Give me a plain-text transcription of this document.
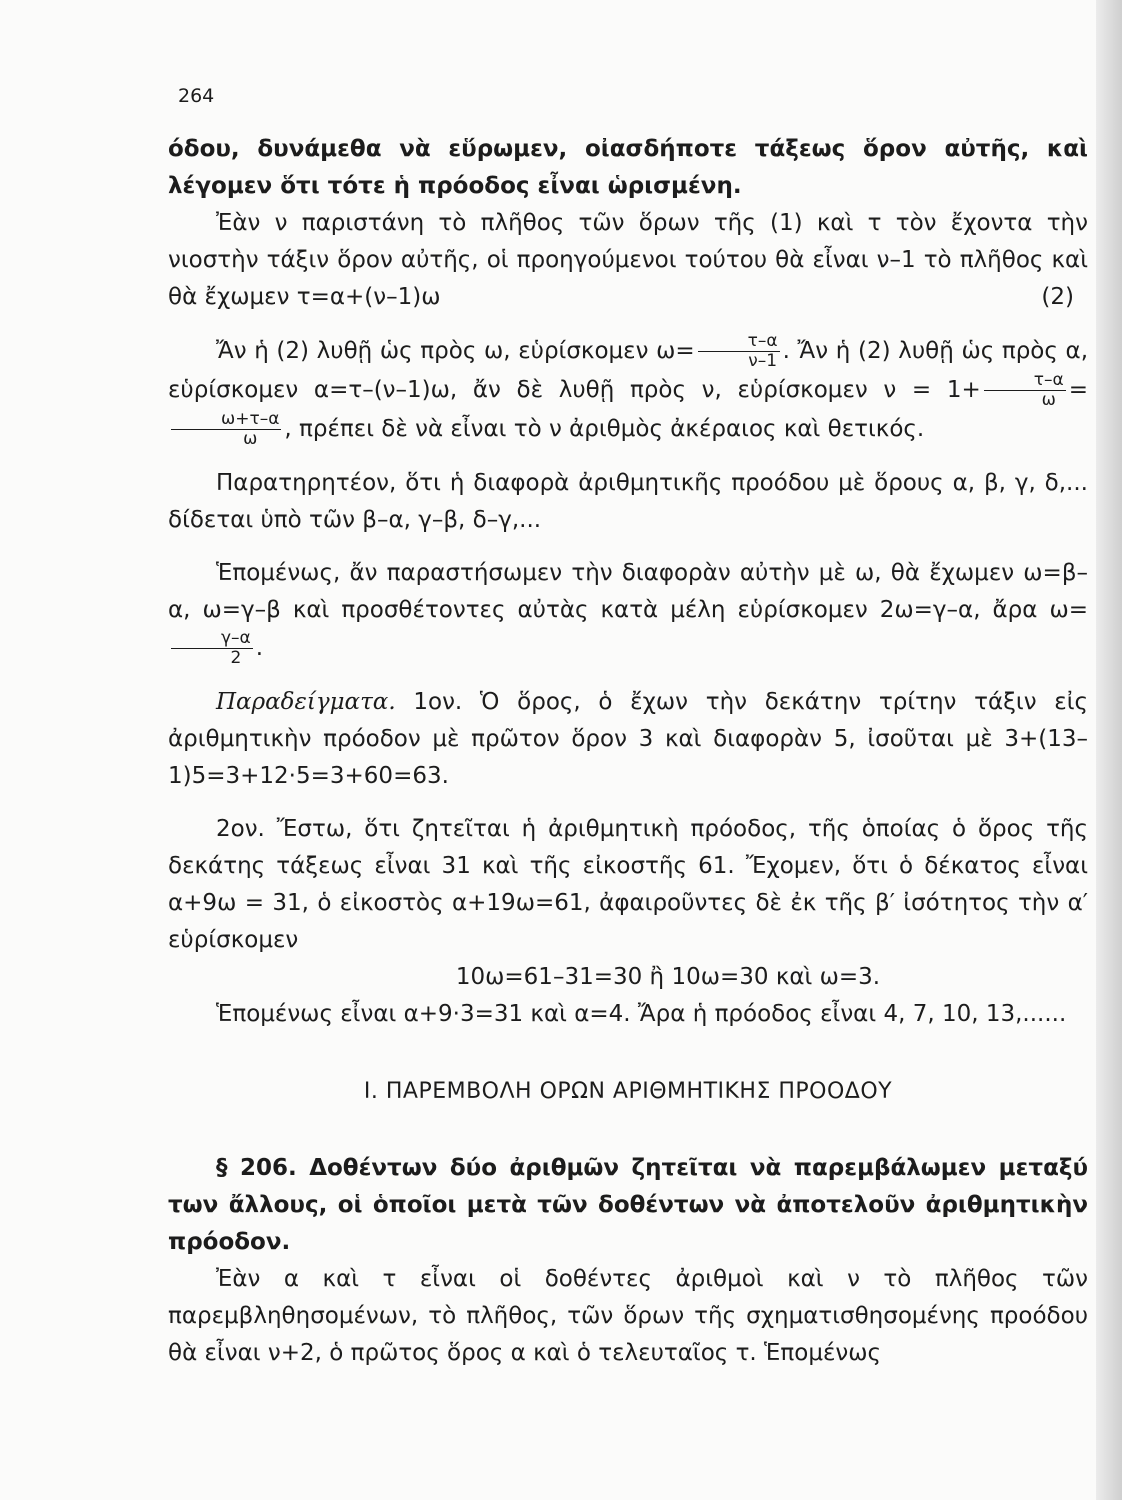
264

όδου, δυνάμεθα νὰ εὕρωμεν, οἰασδήποτε τάξεως ὅρον αὐτῆς, καὶ λέγομεν ὅτι τότε ἡ πρόοδος εἶναι ὡρισμένη.

Ἐὰν ν παριστάνη τὸ πλῆθος τῶν ὅρων τῆς (1) καὶ τ τὸν ἔχοντα τὴν νιοστὴν τάξιν ὅρον αὐτῆς, οἱ προηγούμενοι τούτου θὰ εἶναι ν–1 τὸ πλῆθος καὶ θὰ ἔχωμεν τ=α+(ν–1)ω	(2)

Ἄν ἡ (2) λυθῇ ὡς πρὸς ω, εὑρίσκομεν $\omega= \frac{\tau-\alpha}{\nu-1}$ . Ἄν ἡ (2) λυθῇ ὡς πρὸς α, εὑρίσκομεν α=τ–(ν–1)ω, ἄν δὲ λυθῇ πρὸς ν, εὑρίσκομεν $\nu = 1+ \frac{\tau-\alpha}{\omega}$ =
$\frac{\omega+\tau-\alpha}{\omega}$ , πρέπει δὲ νὰ εἶναι τὸ ν ἀριθμὸς ἀκέραιος καὶ θετικός.

Παρατηρητέον, ὅτι ἡ διαφορὰ ἀριθμητικῆς προόδου μὲ ὅρους α, β, γ, δ,... δίδεται ὑπὸ τῶν β–α, γ–β, δ–γ,...

Ἑπομένως, ἄν παραστήσωμεν τὴν διαφορὰν αὐτὴν μὲ ω, θὰ ἔχωμεν ω=β–α, ω=γ–β καὶ προσθέτοντες αὐτὰς κατὰ μέλη εὑρίσκομεν 2ω=γ–α, ἄρα ω=
$\frac{\gamma-\alpha}{2}$ .

Παραδείγματα. 1ον. Ὁ ὅρος, ὁ ἔχων τὴν δεκάτην τρίτην τάξιν εἰς ἀριθμητικὴν πρόοδον μὲ πρῶτον ὅρον 3 καὶ διαφορὰν 5, ἰσοῦται μὲ 3+(13–1)5=3+12·5=3+60=63.

2ον. Ἔστω, ὅτι ζητεῖται ἡ ἀριθμητικὴ πρόοδος, τῆς ὁποίας ὁ ὅρος τῆς δεκάτης τάξεως εἶναι 31 καὶ τῆς εἰκοστῆς 61. Ἔχομεν, ὅτι ὁ δέκατος εἶναι α+9ω = 31, ὁ εἰκοστὸς α+19ω=61, ἀφαιροῦντες δὲ ἐκ τῆς β′ ἰσότητος τὴν α′ εὑρίσκομεν

10ω=61–31=30 ἢ 10ω=30 καὶ ω=3.

Ἑπομένως εἶναι α+9·3=31 καὶ α=4. Ἄρα ἡ πρόοδος εἶναι 4, 7, 10, 13,......

Ι. ΠΑΡΕΜΒΟΛΗ ΟΡΩΝ ΑΡΙΘΜΗΤΙΚΗΣ ΠΡΟΟΔΟΥ

§ 206. Δοθέντων δύο ἀριθμῶν ζητεῖται νὰ παρεμβάλωμεν μεταξύ των ἄλλους, οἱ ὁποῖοι μετὰ τῶν δοθέντων νὰ ἀποτελοῦν ἀριθμητικὴν πρόοδον.

Ἐὰν α καὶ τ εἶναι οἱ δοθέντες ἀριθμοὶ καὶ ν τὸ πλῆθος τῶν παρεμβληθησομένων, τὸ πλῆθος, τῶν ὅρων τῆς σχηματισθησομένης προόδου θὰ εἶναι ν+2, ὁ πρῶτος ὅρος α καὶ ὁ τελευταῖος τ. Ἑπομένως
